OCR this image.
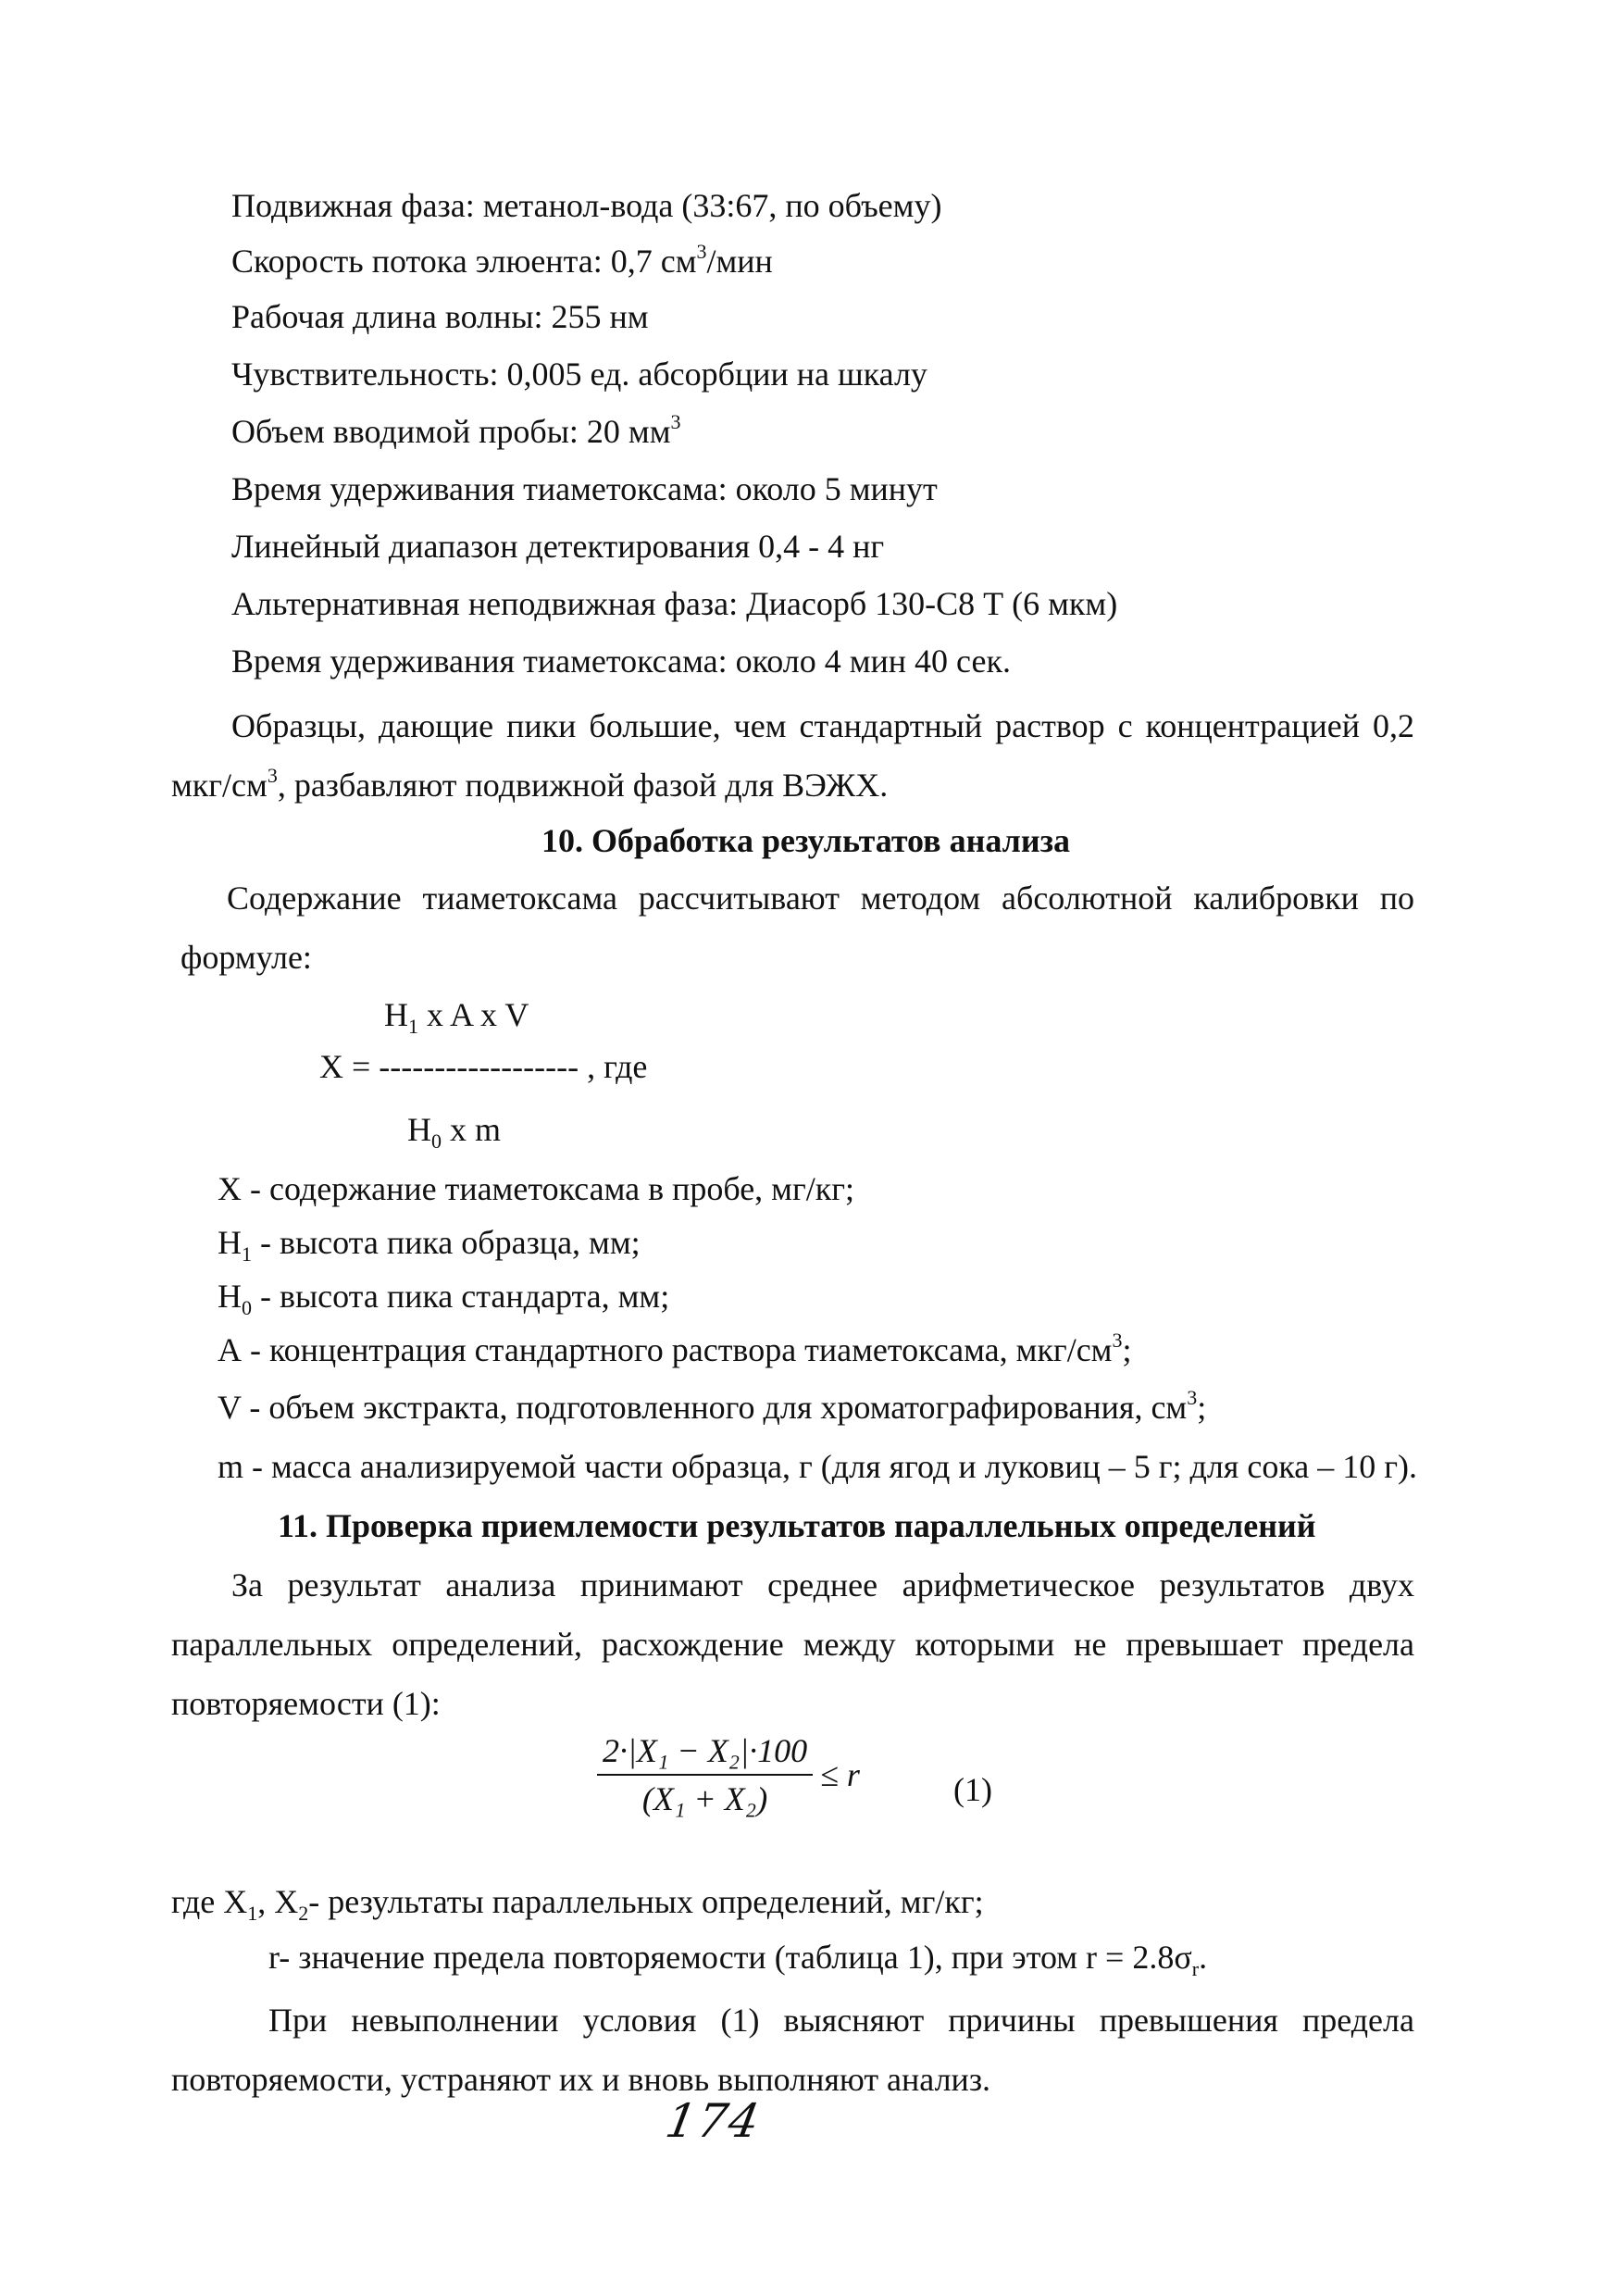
Подвижная фаза: метанол-вода (33:67, по объему)
Скорость потока элюента: 0,7 $см^3$/мин
Рабочая длина волны: 255 нм
Чувствительность: 0,005 ед. абсорбции на шкалу
Объем вводимой пробы: 20 $мм^3$
Время удерживания тиаметоксама: около 5 минут
Линейный диапазон детектирования 0,4 - 4 нг
Альтернативная неподвижная фаза: Диасорб 130-С8 Т (6 мкм)
Время удерживания тиаметоксама: около 4 мин 40 сек.
Образцы, дающие пики большие, чем стандартный раствор с концентрацией 0,2
мкг/$см^3$, разбавляют подвижной фазой для ВЭЖХ.
10. Обработка результатов анализа
Содержание тиаметоксама рассчитывают методом абсолютной калибровки по
формуле:
$H_1$ x A x V
X = ------------------ , где
$H_0$ x m
X - содержание тиаметоксама в пробе, мг/кг;
$H_1$ - высота пика образца, мм;
$H_0$ - высота пика стандарта, мм;
А - концентрация стандартного раствора тиаметоксама, мкг/$см^3$;
V - объем экстракта, подготовленного для хроматографирования, $см^3$;
m - масса анализируемой части образца, г (для ягод и луковиц – 5 г; для сока – 10 г).
11. Проверка приемлемости результатов параллельных определений
За результат анализа принимают среднее арифметическое результатов двух
параллельных определений, расхождение между которыми не превышает предела
повторяемости (1):
$\frac{\text{2·|X₁ − X₂|·100}}{\text{(X₁ + X₂)}} \le r$	(1)
где $X_1$, $X_2-$ результаты параллельных определений, мг/кг;
r- значение предела повторяемости (таблица 1), при этом $r = 2.8\sigma_r$.
При невыполнении условия (1) выясняют причины превышения предела
повторяемости, устраняют их и вновь выполняют анализ.
174
